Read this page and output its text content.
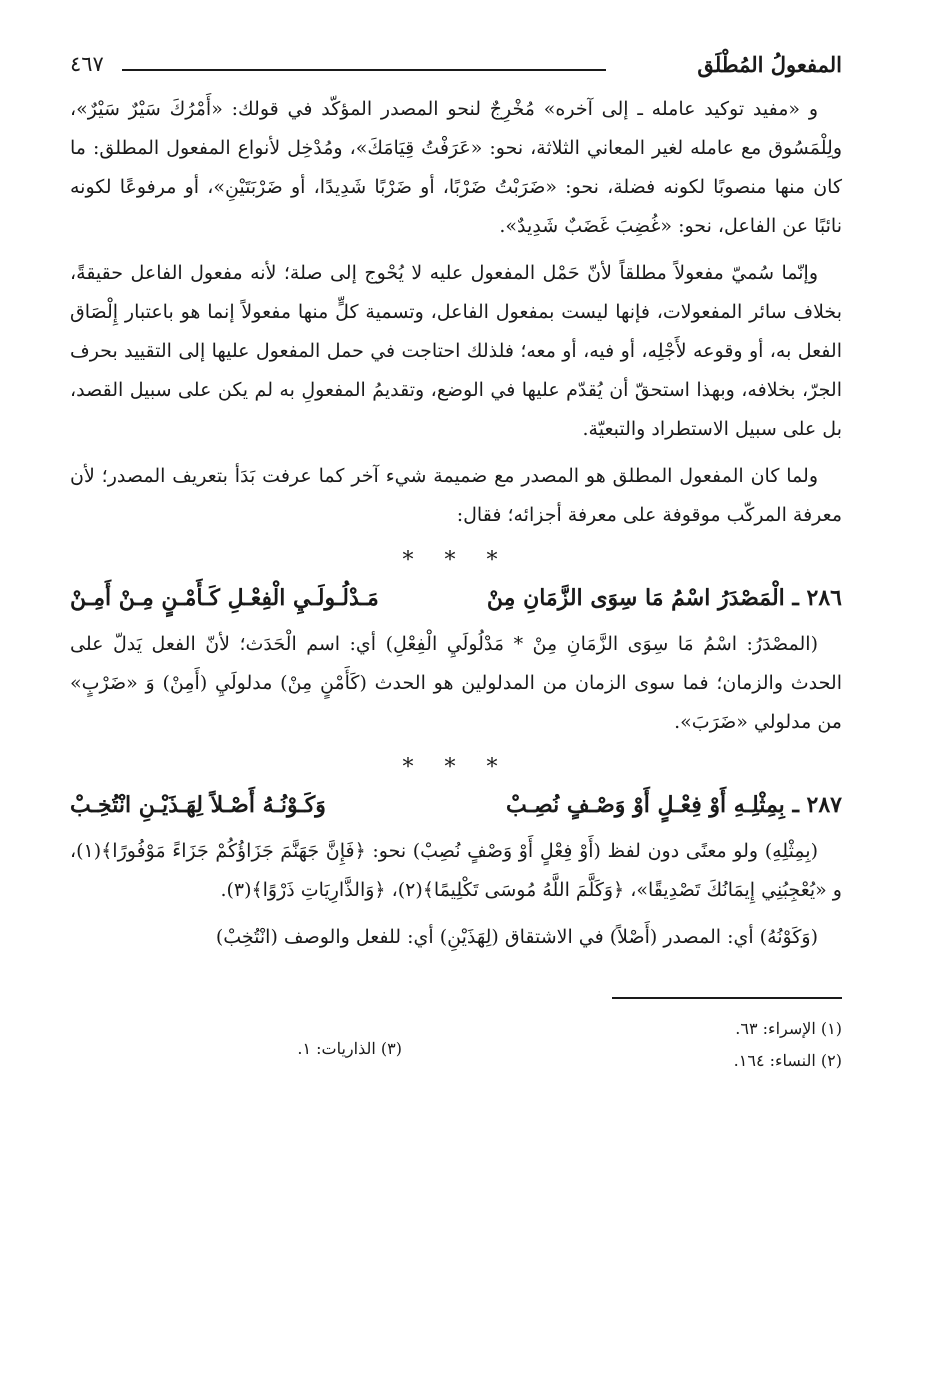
المفعولُ المُطْلَق
٤٦٧

و «مفيد توكيد عامله ـ إلى آخره» مُخْرِجٌ لنحو المصدر المؤكّد في قولك: «أَمْرُكَ سَيْرٌ سَيْرٌ»، ولِلْمَسُوق مع عامله لغير المعاني الثلاثة، نحو: «عَرَفْتُ قِيَامَكَ»، ومُدْخِل لأنواع المفعول المطلق: ما كان منها منصوبًا لكونه فضلة، نحو: «ضَرَبْتُ ضَرْبًا، أو ضَرْبًا شَدِيدًا، أو ضَرْبَتَيْنِ»، أو مرفوعًا لكونه نائبًا عن الفاعل، نحو: «غُضِبَ غَضَبٌ شَدِيدٌ».

وإنّما سُميّ مفعولاً مطلقاً لأنّ حَمْل المفعول عليه لا يُحْوج إلى صلة؛ لأنه مفعول الفاعل حقيقةً، بخلاف سائر المفعولات، فإنها ليست بمفعول الفاعل، وتسمية كلٍّ منها مفعولاً إنما هو باعتبار إِلْصَاق الفعل به، أو وقوعه لأَجْلِه، أو فيه، أو معه؛ فلذلك احتاجت في حمل المفعول عليها إلى التقييد بحرف الجرّ، بخلافه، وبهذا استحقّ أن يُقدّم عليها في الوضع، وتقديمُ المفعولِ به لم يكن على سبيل القصد، بل على سبيل الاستطراد والتبعيّة.

ولما كان المفعول المطلق هو المصدر مع ضميمة شيء آخر كما عرفت بَدَأ بتعريف المصدر؛ لأن معرفة المركّب موقوفة على معرفة أجزائه؛ فقال:

* * *
٢٨٦ ـ الْمَصْدَرُ اسْمُ مَا سِوَى الزَّمَانِ مِنْ
مَـدْلُـولَـيِ الْفِعْـلِ كَـأَمْـنٍ مِـنْ أَمِـنْ

(المصْدَرُ: اسْمُ مَا سِوَى الزَّمَانِ مِنْ * مَدْلُولَيِ الْفِعْلِ) أي: اسم الْحَدَث؛ لأنّ الفعل يَدلّ على الحدث والزمان؛ فما سوى الزمان من المدلولين هو الحدث (كَأَمْنٍ مِنْ) مدلولَيِ (أَمِنْ) وَ «ضَرْبٍ» من مدلولي «ضَرَبَ».

* * *
٢٨٧ ـ بِمِثْلِـهِ أَوْ فِعْـلٍ أَوْ وَصْـفٍ نُصِـبْ
وَكَـوْنُـهُ أَصْـلاً لِهَـذَيْـنِ انْتُخِـبْ

(بِمِثْلِهِ) ولو معنًى دون لفظ (أَوْ فِعْلٍ أَوْ وَصْفٍ نُصِبْ) نحو: ﴿فَإِنَّ جَهَنَّمَ جَزَاؤُكُمْ جَزَاءً مَوْفُورًا﴾(١)، و «يُعْجِبُنِي إِيمَانُكَ تَصْدِيقًا»، ﴿وَكَلَّمَ اللَّهُ مُوسَى تَكْلِيمًا﴾(٢)، ﴿وَالذَّارِيَاتِ ذَرْوًا﴾(٣).

(وَكَوْنُهُ) أي: المصدر (أَصْلاً) في الاشتقاق (لِهَذَيْنِ) أي: للفعل والوصف (انْتُخِبْ)

(١) الإسراء: ٦٣.
(٢) النساء: ١٦٤.
(٣) الذاريات: ١.
